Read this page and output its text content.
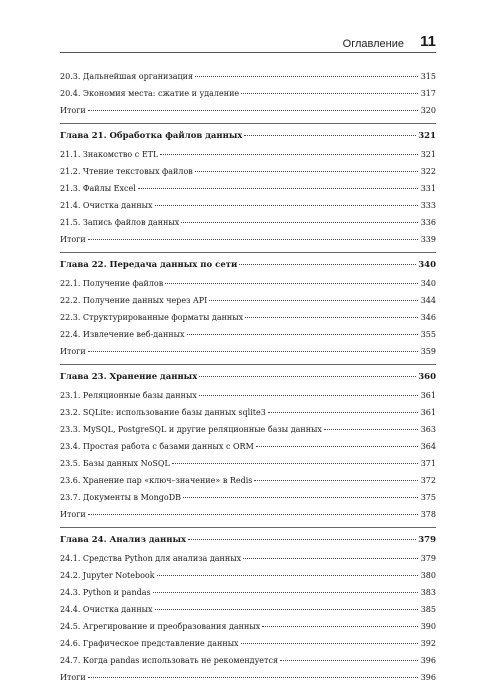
Оглавление 11
20.3. Дальнейшая организация	315
20.4. Экономия места: сжатие и удаление	317
Итоги	320
Глава 21. Обработка файлов данных	321
21.1. Знакомство с ETL	321
21.2. Чтение текстовых файлов	322
21.3. Файлы Excel	331
21.4. Очистка данных	333
21.5. Запись файлов данных	336
Итоги	339
Глава 22. Передача данных по сети	340
22.1. Получение файлов	340
22.2. Получение данных через API	344
22.3. Структурированные форматы данных	346
22.4. Извлечение веб-данных	355
Итоги	359
Глава 23. Хранение данных	360
23.1. Реляционные базы данных	361
23.2. SQLite: использование базы данных sqlite3	361
23.3. MySQL, PostgreSQL и другие реляционные базы данных	363
23.4. Простая работа с базами данных с ORM	364
23.5. Базы данных NoSQL	371
23.6. Хранение пар «ключ–значение» в Redis	372
23.7. Документы в MongoDB	375
Итоги	378
Глава 24. Анализ данных	379
24.1. Средства Python для анализа данных	379
24.2. Jupyter Notebook	380
24.3. Python и pandas	383
24.4. Очистка данных	385
24.5. Агрегирование и преобразования данных	390
24.6. Графическое представление данных	392
24.7. Когда pandas использовать не рекомендуется	396
Итоги	396
